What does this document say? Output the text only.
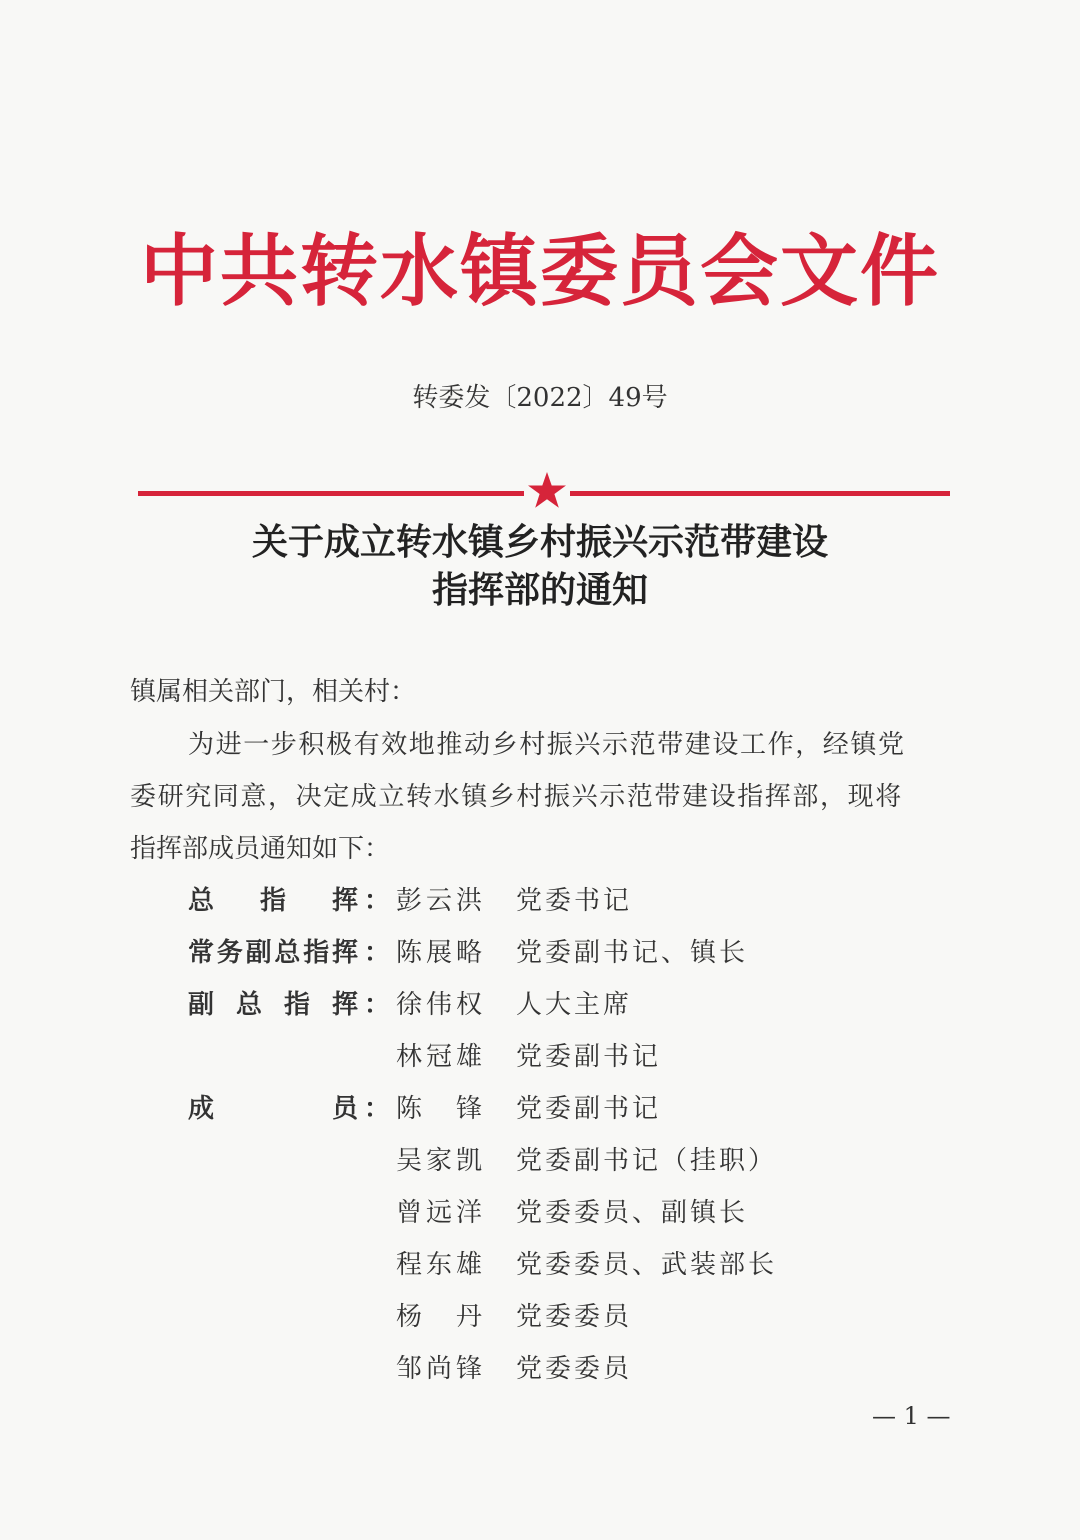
中共转水镇委员会文件
转委发〔2022〕49号
关于成立转水镇乡村振兴示范带建设
指挥部的通知
镇属相关部门，相关村：
为进一步积极有效地推动乡村振兴示范带建设工作，经镇党
委研究同意，决定成立转水镇乡村振兴示范带建设指挥部，现将
指挥部成员通知如下：
总 指 挥 ： 彭 云 洪 党委书记
常 务 副 总 指 挥 ： 陈 展 略 党委副书记、镇长
副 总 指 挥 ： 徐 伟 权 人大主席
林 冠 雄 党委副书记
成	员 ： 陈 锋 党委副书记
吴 家 凯 党委副书记（挂职）
曾 远 洋 党委委员、副镇长
程 东 雄 党委委员、武装部长
杨 丹 党委委员
邹 尚 锋 党委委员
— 1 —
